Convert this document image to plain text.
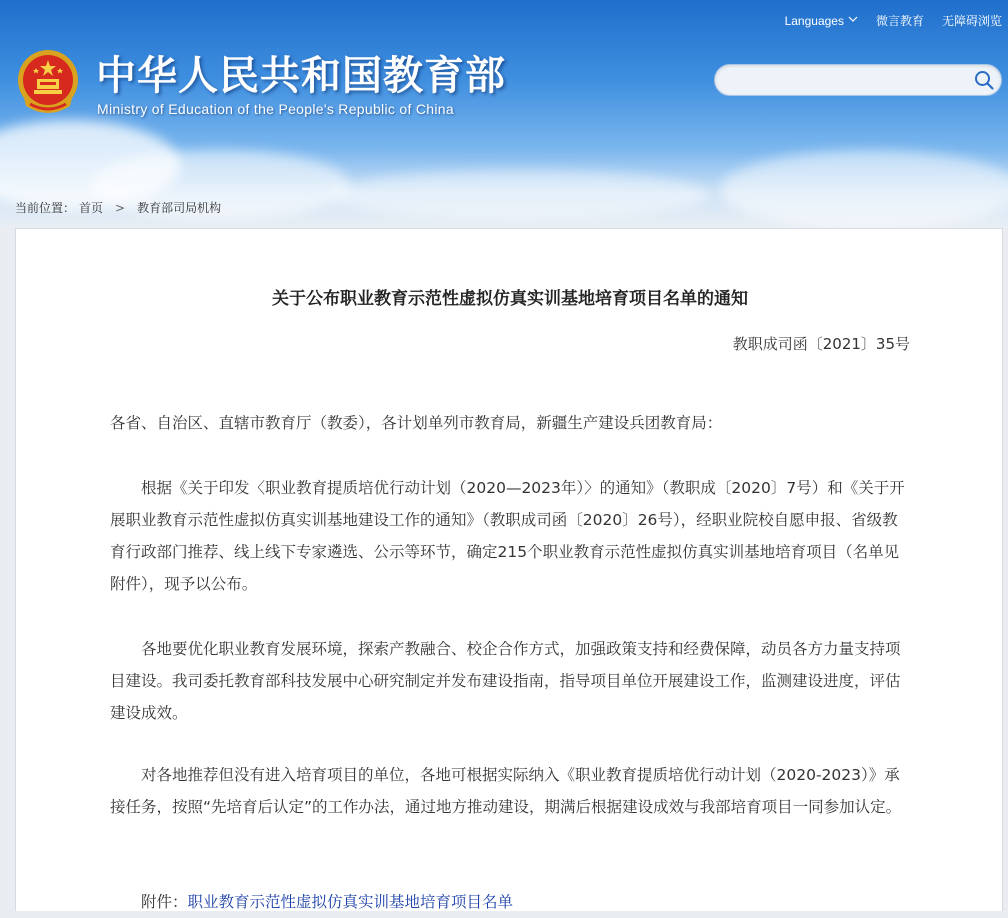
中华人民共和国教育部
Ministry of Education of the People's Republic of China
Languages	微言教育	无障碍浏览
当前位置： 首页 > 教育部司局机构
关于公布职业教育示范性虚拟仿真实训基地培育项目名单的通知
教职成司函〔2021〕35号

各省、自治区、直辖市教育厅（教委），各计划单列市教育局，新疆生产建设兵团教育局：

根据《关于印发〈职业教育提质培优行动计划（2020—2023年）〉的通知》（教职成〔2020〕7号）和《关于开展职业教育示范性虚拟仿真实训基地建设工作的通知》（教职成司函〔2020〕26号），经职业院校自愿申报、省级教育行政部门推荐、线上线下专家遴选、公示等环节，确定215个职业教育示范性虚拟仿真实训基地培育项目（名单见附件），现予以公布。

各地要优化职业教育发展环境，探索产教融合、校企合作方式，加强政策支持和经费保障，动员各方力量支持项目建设。我司委托教育部科技发展中心研究制定并发布建设指南，指导项目单位开展建设工作，监测建设进度，评估建设成效。

对各地推荐但没有进入培育项目的单位，各地可根据实际纳入《职业教育提质培优行动计划（2020-2023）》承接任务，按照“先培育后认定”的工作办法，通过地方推动建设，期满后根据建设成效与我部培育项目一同参加认定。

附件：职业教育示范性虚拟仿真实训基地培育项目名单
